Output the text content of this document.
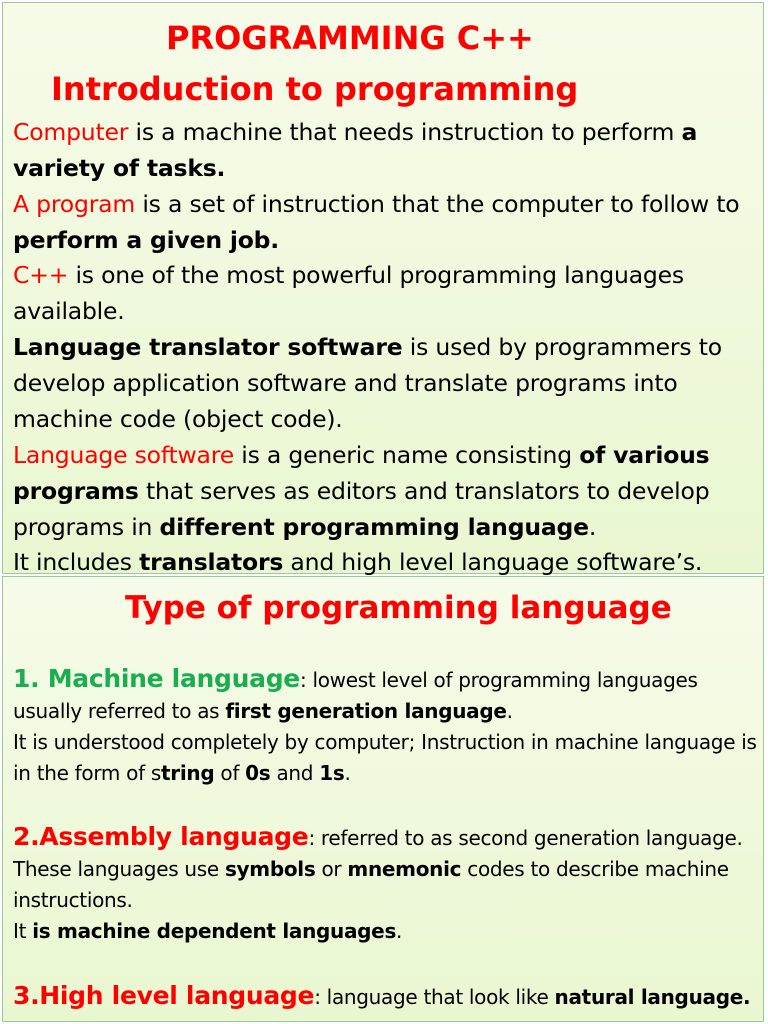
PROGRAMMING C++
Introduction to programming
Computer is a machine that needs instruction to perform a variety of tasks.
A program is a set of instruction that the computer to follow to perform a given job.
C++ is one of the most powerful programming languages available.
Language translator software is used by programmers to develop application software and translate programs into machine code (object code).
Language software is a generic name consisting of various programs that serves as editors and translators to develop programs in different programming language.
It includes translators and high level language software’s.
Type of programming language
1. Machine language: lowest level of programming languages usually referred to as first generation language.
It is understood completely by computer; Instruction in machine language is in the form of string of 0s and 1s.
2.Assembly language: referred to as second generation language.
These languages use symbols or mnemonic codes to describe machine instructions.
It is machine dependent languages.
3.High level language: language that look like natural language.
